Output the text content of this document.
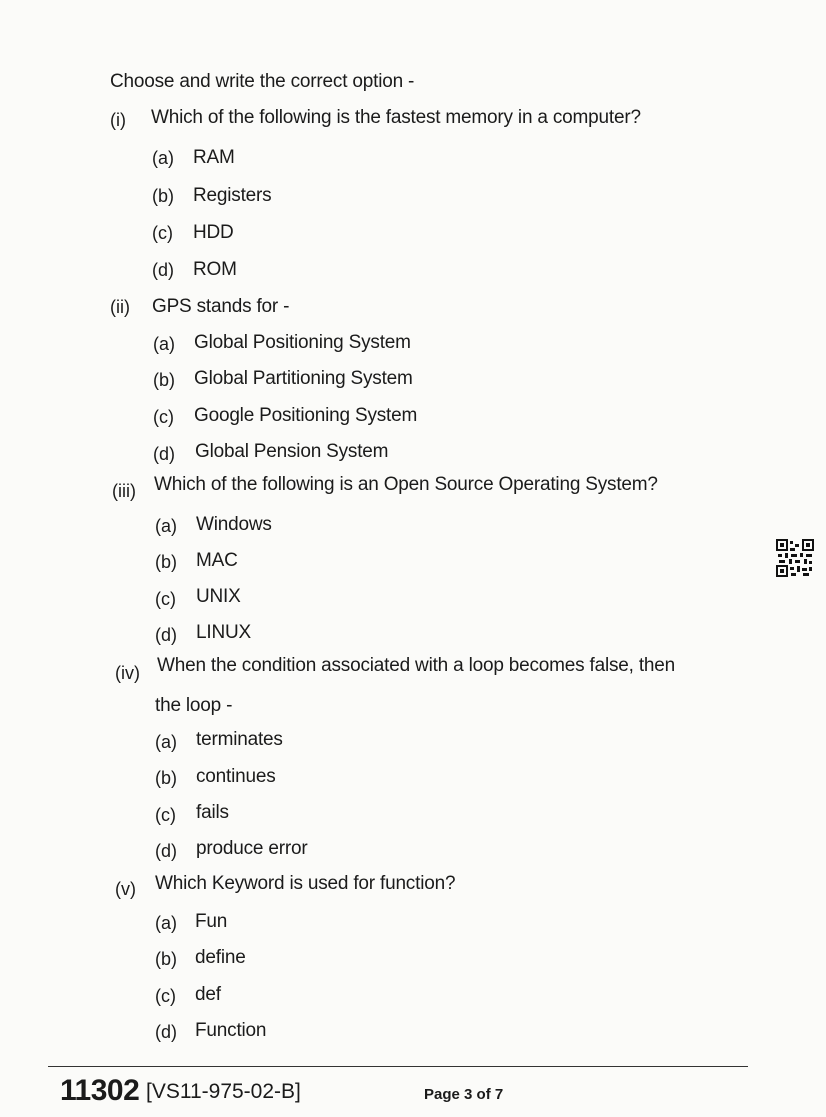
Choose and write the correct option -
(i) Which of the following is the fastest memory in a computer?
(a) RAM
(b) Registers
(c) HDD
(d) ROM
(ii) GPS stands for -
(a) Global Positioning System
(b) Global Partitioning System
(c) Google Positioning System
(d) Global Pension System
(iii) Which of the following is an Open Source Operating System?
(a) Windows
(b) MAC
(c) UNIX
(d) LINUX
(iv) When the condition associated with a loop becomes false, then
the loop -
(a) terminates
(b) continues
(c) fails
(d) produce error
(v) Which Keyword is used for function?
(a) Fun
(b) define
(c) def
(d) Function
11302 [VS11-975-02-B]	Page 3 of 7
